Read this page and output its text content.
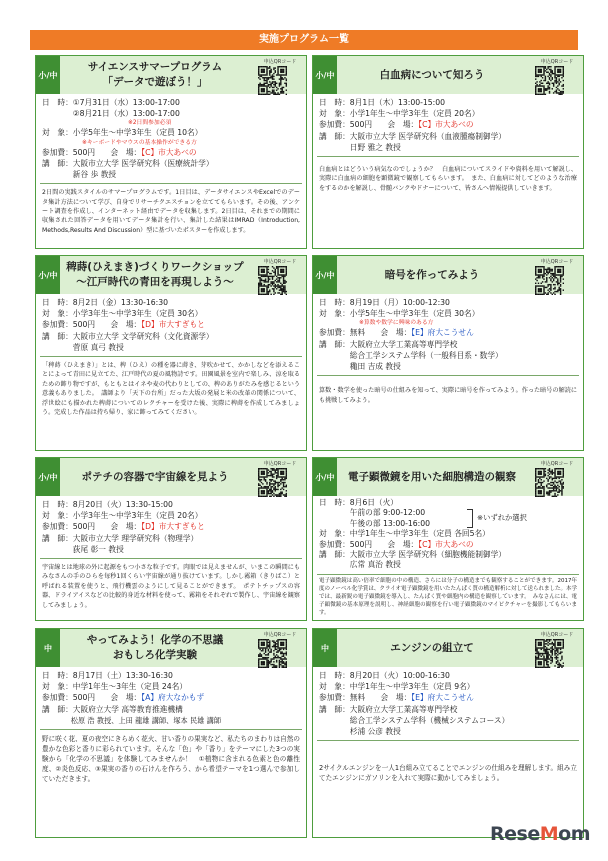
実施プログラム一覧
小/中
サイエンスサマープログラム
「データで遊ぼう！」
申込QRコード
日　時：①7月31日（水）13:00-17:00
　　　　②8月21日（水）13:00-17:00
※2日間参加必須
対　象：小学5年生～中学3年生（定員 10名）
※キーボードやマウスの基本操作ができる方
参加費：500円　　会　場：【C】市大あべの
講　師：大阪市立大学 医学研究科（医療統計学）
　　　　新谷 歩 教授
2日間の実践スタイルのサマープログラムです。1日目は、データサイエンスやExcelでのデータ集計方法について学び、自身でリサーチクエスチョンを立ててもらいます。その後、アンケート調査を作成し、インターネット経由でデータを収集します。2日目は、それまでの期間に収集された回答データを用いてデータ集計を行い、集計した結果はIMRAD（Introduction, Methods,Results And Discussion）型に基づいたポスターを作成します。
小/中	白血病について知ろう
申込QRコード
日　時：8月1日（木）13:00-15:00
対　象：小学1年生～中学3年生（定員 20名）
参加費：500円　　会　場：【C】市大あべの
講　師：大阪市立大学 医学研究科（血液腫瘍制御学）
　　　　日野 雅之 教授
白血病とはどういう病気なのでしょうか？　白血病についてスライドや資料を用いて解説し、実際に白血病の細胞を顕微鏡で観察してもらいます。　また、白血病に対してどのような治療をするのかを解説し、骨髄バンクやドナーについて、皆さんへ情報提供していきます。
小/中
稗蒔(ひえまき)づくりワークショップ
～江戸時代の青田を再現しよう～
申込QRコード
日　時：8月2日（金）13:30-16:30
対　象：小学3年生～中学3年生（定員 30名）
参加費：500円　　会　場：【D】市大すぎもと
講　師：大阪市立大学 文学研究科（文化資源学）
　　　　菅原 真弓 教授
「稗蒔（ひえまき）」とは、稗（ひえ）の種を器に蒔き、芽吹かせて、かかしなどを添えることによって青田に見立てた、江戸時代の夏の風物詩です。田園風景を室内で楽しみ、涼を取るための飾り物ですが、もともとはイネや麦の代わりとしての、稗のありがたみを感じるという意義もありました。　講師より「天下の台所」だった大坂の発展と米の改革の関係について、浮世絵にも描かれた稗蒔についてのレクチャーを受けた後、実際に稗蒔を作成してみましょう。完成した作品は持ち帰り、家に飾ってみてください。
小/中	暗号を作ってみよう
申込QRコード
日　時：8月19日（月）10:00-12:30
対　象：小学5年生～中学3年生（定員 30名）
※算数や数学に興味のある方
参加費：無料　　会　場：【E】府大こうせん
講　師：大阪府立大学工業高等専門学校
　　　　総合工学システム学科（一般科目系・数学）
　　　　穐田 吉成 教授
算数・数学を使った暗号の仕組みを知って、実際に暗号を作ってみよう。作った暗号の解読にも挑戦してみよう。
小/中 ポテチの容器で宇宙線を見よう
申込QRコード
日　時：8月20日（火）13:30-15:00
対　象：小学3年生～中学3年生（定員 20名）
参加費：500円　　会　場：【D】市大すぎもと
講　師：大阪市立大学 理学研究科（物理学）
　　　　荻尾 彰一 教授
宇宙線とは地球の外に起源をもつ小さな粒子です。肉眼では見えませんが、いまこの瞬間にもみなさんの手のひらを毎秒1回くらい宇宙線が通り抜けています。しかし霧箱（きりばこ）と呼ばれる装置を使うと、飛行機雲のようにして見ることができます。　ポテトチップスの容器、ドライアイスなどの比較的身近な材料を使って、霧箱をそれぞれで製作し、宇宙線を観察してみましょう。
小/中 電子顕微鏡を用いた細胞構造の観察
申込QRコード
日　時：8月6日（火）
　　　　午前の部 9:00-12:00
　　　　午後の部 13:00-16:00
※いずれか選択
対　象：中学1年生～中学3年生（定員 各回5名）
参加費：500円　　会　場：【C】市大あべの
講　師：大阪市立大学 医学研究科（細胞機能制御学）
　　　　広常 真治 教授
電子顕微鏡は高い倍率で細胞の中の構造、さらには分子の構造までも観察することができます。2017年度のノーベル化学賞は、クライオ電子顕微鏡を用いたたんぱく質の構造解析に対して送られました。本学では、最新鋭の電子顕微鏡を導入し、たんぱく質や細胞内の構造を観察しています。　みなさんには、電子顕微鏡の基本原理を説明し、神経細胞の観察を行い電子顕微鏡のマイピクチャーを撮影してもらいます。
中
やってみよう！化学の不思議
おもしろ化学実験
申込QRコード
日　時：8月17日（土）13:30-16:30
対　象：中学1年生～3年生（定員 24名）
参加費：500円　　会　場：【A】府大なかもず
講　師：大阪府立大学 高等教育推進機構
　　　　松原 浩 教授、上田 龍雄 講師、塚本 民雄 講師
野に咲く花、夏の夜空にきらめく花火、甘い香りの果実など、私たちのまわりは自然の豊かな色彩と香りに彩られています。そんな「色」や「香り」をテーマにした3つの実験から「化学の不思議」を体験してみませんか！　①植物に含まれる色素と色の離性度、②炎色反応、③果実の香りの石けんを作ろう、から希望テーマを1つ選んで参加していただきます。
中	エンジンの組立て
申込QRコード
日　時：8月20日（火）10:00-16:30
対　象：中学1年生～中学3年生（定員 9名）
参加費：無料　　会　場：【E】府大こうせん
講　師：大阪府立大学工業高等専門学校
　　　　総合工学システム学科（機械システムコース）
　　　　杉浦 公彦 教授
2サイクルエンジンを一人1台組み立てることでエンジンの仕組みを理解します。組み立てたエンジンにガソリンを入れて実際に動かしてみましょう。
ReseMom
